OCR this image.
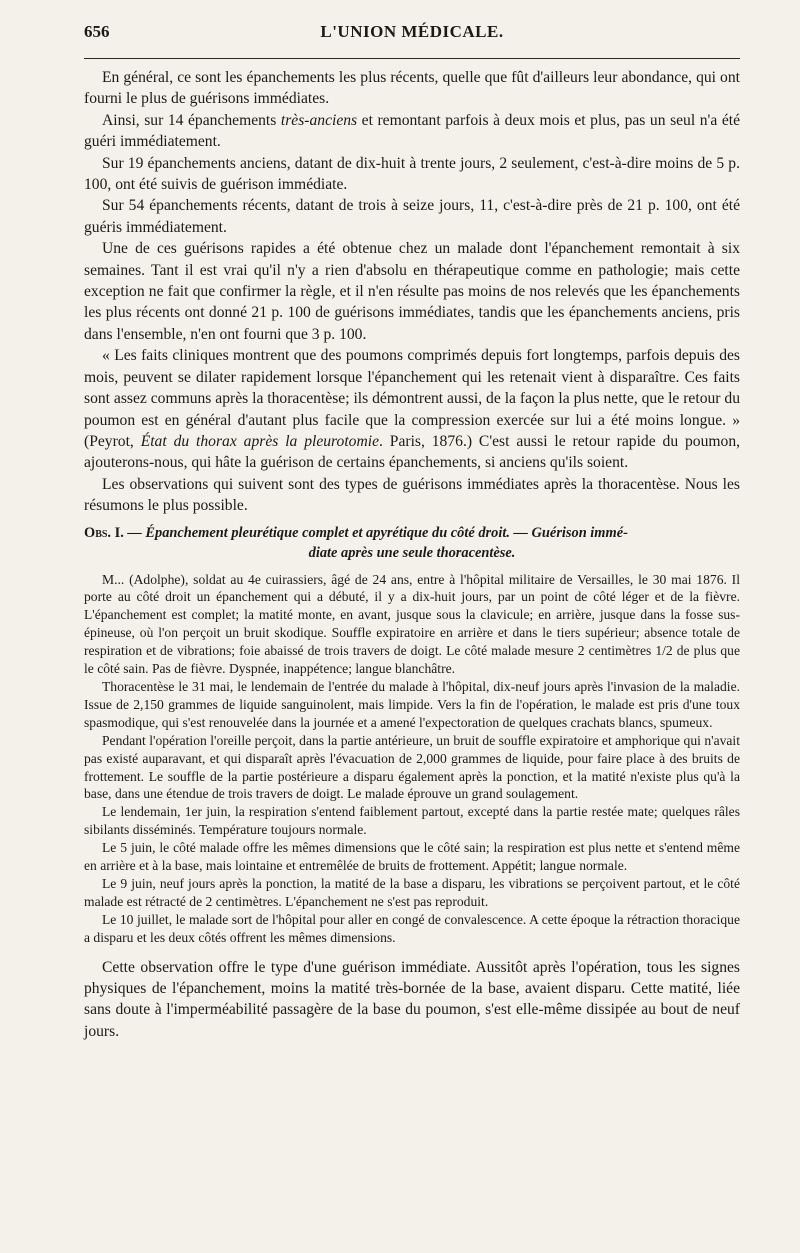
656	L'UNION MÉDICALE.

En général, ce sont les épanchements les plus récents, quelle que fût d'ailleurs leur abondance, qui ont fourni le plus de guérisons immédiates.

Ainsi, sur 14 épanchements très-anciens et remontant parfois à deux mois et plus, pas un seul n'a été guéri immédiatement.

Sur 19 épanchements anciens, datant de dix-huit à trente jours, 2 seulement, c'est-à-dire moins de 5 p. 100, ont été suivis de guérison immédiate.

Sur 54 épanchements récents, datant de trois à seize jours, 11, c'est-à-dire près de 21 p. 100, ont été guéris immédiatement.

Une de ces guérisons rapides a été obtenue chez un malade dont l'épanchement remontait à six semaines. Tant il est vrai qu'il n'y a rien d'absolu en thérapeutique comme en pathologie; mais cette exception ne fait que confirmer la règle, et il n'en résulte pas moins de nos relevés que les épanchements les plus récents ont donné 21 p. 100 de guérisons immédiates, tandis que les épanchements anciens, pris dans l'ensemble, n'en ont fourni que 3 p. 100.

« Les faits cliniques montrent que des poumons comprimés depuis fort longtemps, parfois depuis des mois, peuvent se dilater rapidement lorsque l'épanchement qui les retenait vient à disparaître. Ces faits sont assez communs après la thoracentèse; ils démontrent aussi, de la façon la plus nette, que le retour du poumon est en général d'autant plus facile que la compression exercée sur lui a été moins longue. » (Peyrot, État du thorax après la pleurotomie. Paris, 1876.) C'est aussi le retour rapide du poumon, ajouterons-nous, qui hâte la guérison de certains épanchements, si anciens qu'ils soient.

Les observations qui suivent sont des types de guérisons immédiates après la thoracentèse. Nous les résumons le plus possible.

Obs. I. — Épanchement pleurétique complet et apyrétique du côté droit. — Guérison immé-

diate après une seule thoracentèse.

M... (Adolphe), soldat au 4e cuirassiers, âgé de 24 ans, entre à l'hôpital militaire de Versailles, le 30 mai 1876. Il porte au côté droit un épanchement qui a débuté, il y a dix-huit jours, par un point de côté léger et de la fièvre. L'épanchement est complet; la matité monte, en avant, jusque sous la clavicule; en arrière, jusque dans la fosse sus-épineuse, où l'on perçoit un bruit skodique. Souffle expiratoire en arrière et dans le tiers supérieur; absence totale de respiration et de vibrations; foie abaissé de trois travers de doigt. Le côté malade mesure 2 centimètres 1/2 de plus que le côté sain. Pas de fièvre. Dyspnée, inappétence; langue blanchâtre.

Thoracentèse le 31 mai, le lendemain de l'entrée du malade à l'hôpital, dix-neuf jours après l'invasion de la maladie. Issue de 2,150 grammes de liquide sanguinolent, mais limpide. Vers la fin de l'opération, le malade est pris d'une toux spasmodique, qui s'est renouvelée dans la journée et a amené l'expectoration de quelques crachats blancs, spumeux.

Pendant l'opération l'oreille perçoit, dans la partie antérieure, un bruit de souffle expiratoire et amphorique qui n'avait pas existé auparavant, et qui disparaît après l'évacuation de 2,000 grammes de liquide, pour faire place à des bruits de frottement. Le souffle de la partie postérieure a disparu également après la ponction, et la matité n'existe plus qu'à la base, dans une étendue de trois travers de doigt. Le malade éprouve un grand soulagement.

Le lendemain, 1er juin, la respiration s'entend faiblement partout, excepté dans la partie restée mate; quelques râles sibilants disséminés. Température toujours normale.

Le 5 juin, le côté malade offre les mêmes dimensions que le côté sain; la respiration est plus nette et s'entend même en arrière et à la base, mais lointaine et entremêlée de bruits de frottement. Appétit; langue normale.

Le 9 juin, neuf jours après la ponction, la matité de la base a disparu, les vibrations se perçoivent partout, et le côté malade est rétracté de 2 centimètres. L'épanchement ne s'est pas reproduit.

Le 10 juillet, le malade sort de l'hôpital pour aller en congé de convalescence. A cette époque la rétraction thoracique a disparu et les deux côtés offrent les mêmes dimensions.

Cette observation offre le type d'une guérison immédiate. Aussitôt après l'opération, tous les signes physiques de l'épanchement, moins la matité très-bornée de la base, avaient disparu. Cette matité, liée sans doute à l'imperméabilité passagère de la base du poumon, s'est elle-même dissipée au bout de neuf jours.
